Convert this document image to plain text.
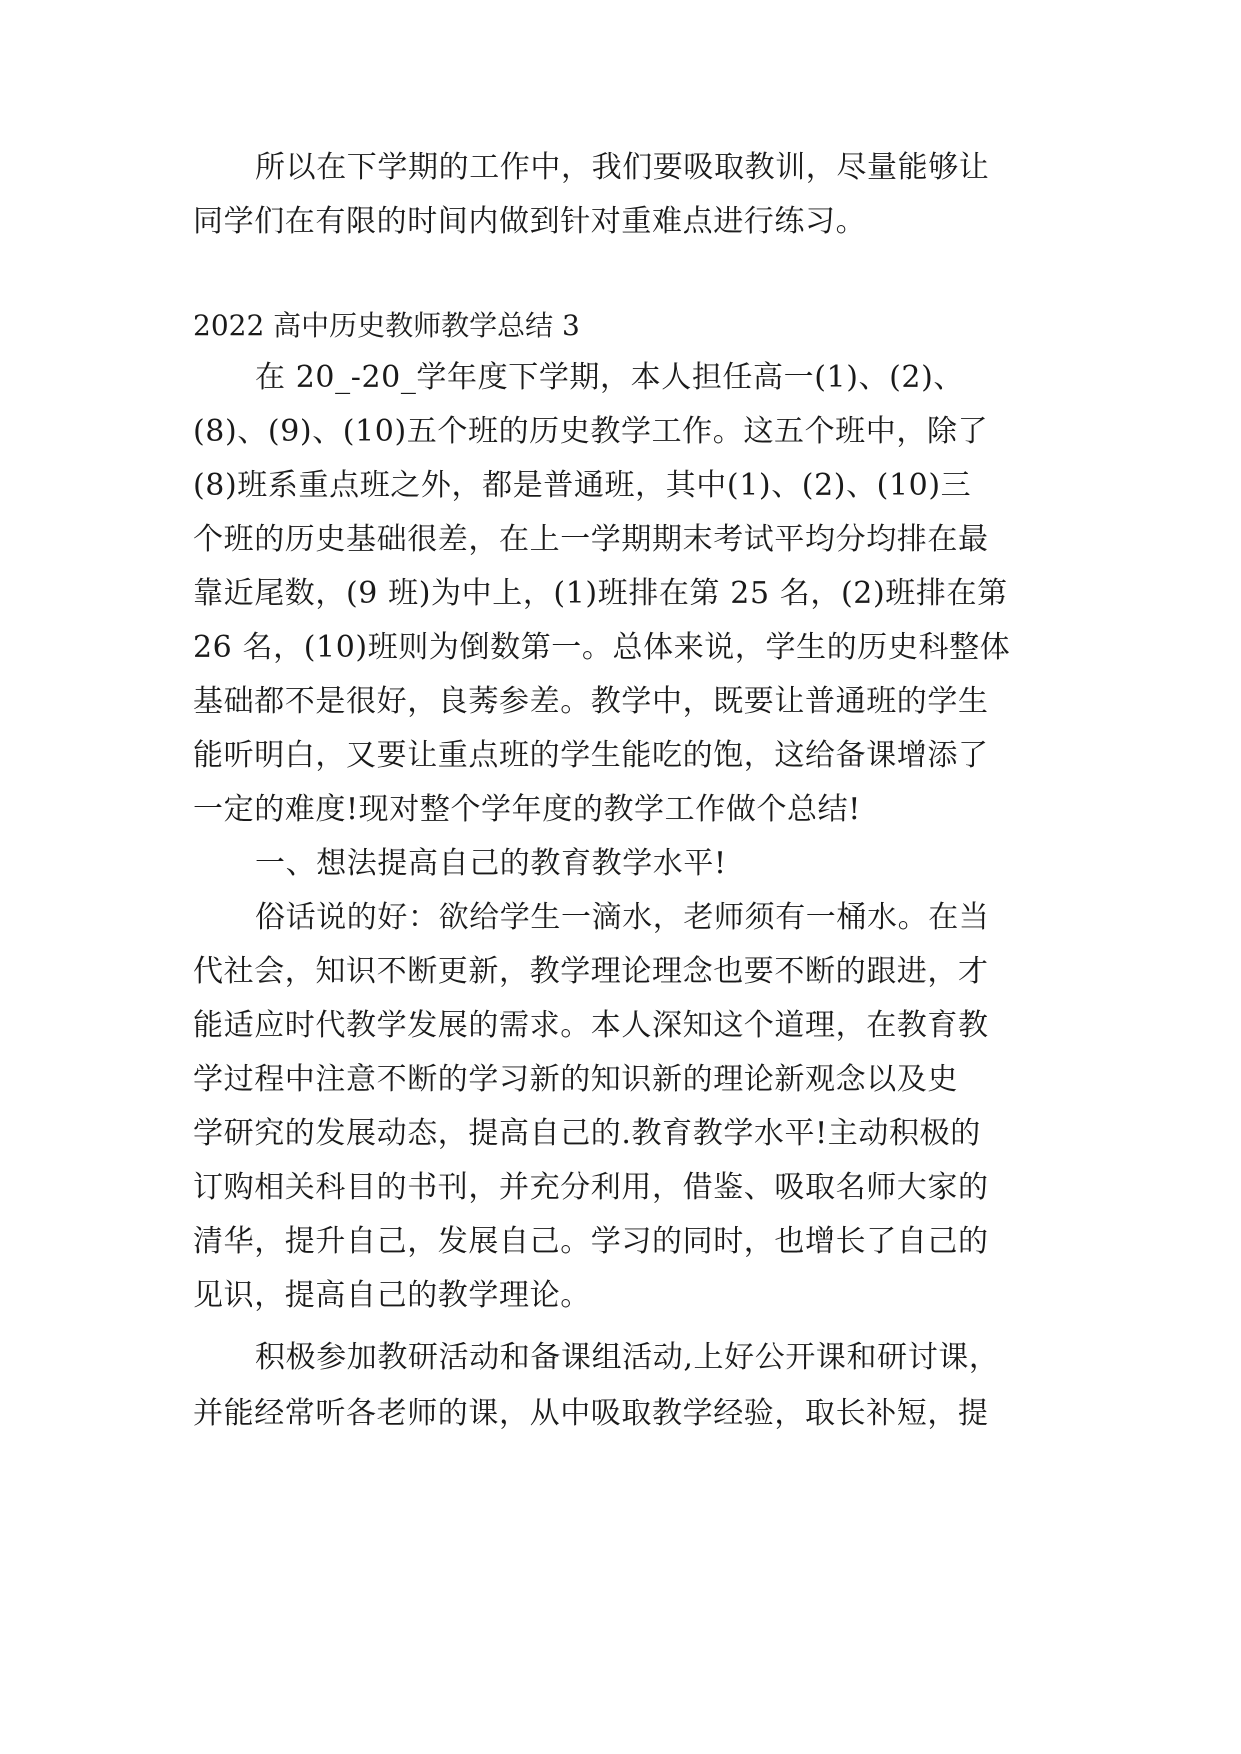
所以在下学期的工作中，我们要吸取教训，尽量能够让
同学们在有限的时间内做到针对重难点进行练习。
2022 高中历史教师教学总结 3
在 20_-20_学年度下学期，本人担任高一(1)、(2)、
(8)、(9)、(10)五个班的历史教学工作。这五个班中，除了
(8)班系重点班之外，都是普通班，其中(1)、(2)、(10)三
个班的历史基础很差，在上一学期期末考试平均分均排在最
靠近尾数，(9 班)为中上，(1)班排在第 25 名，(2)班排在第
26 名，(10)班则为倒数第一。总体来说，学生的历史科整体
基础都不是很好，良莠参差。教学中，既要让普通班的学生
能听明白，又要让重点班的学生能吃的饱，这给备课增添了
一定的难度!现对整个学年度的教学工作做个总结!
一、想法提高自己的教育教学水平!
俗话说的好：欲给学生一滴水，老师须有一桶水。在当
代社会，知识不断更新，教学理论理念也要不断的跟进，才
能适应时代教学发展的需求。本人深知这个道理，在教育教
学过程中注意不断的学习新的知识新的理论新观念以及史
学研究的发展动态，提高自己的.教育教学水平!主动积极的
订购相关科目的书刊，并充分利用，借鉴、吸取名师大家的
清华，提升自己，发展自己。学习的同时，也增长了自己的
见识，提高自己的教学理论。
积极参加教研活动和备课组活动,上好公开课和研讨课，
并能经常听各老师的课，从中吸取教学经验，取长补短，提
